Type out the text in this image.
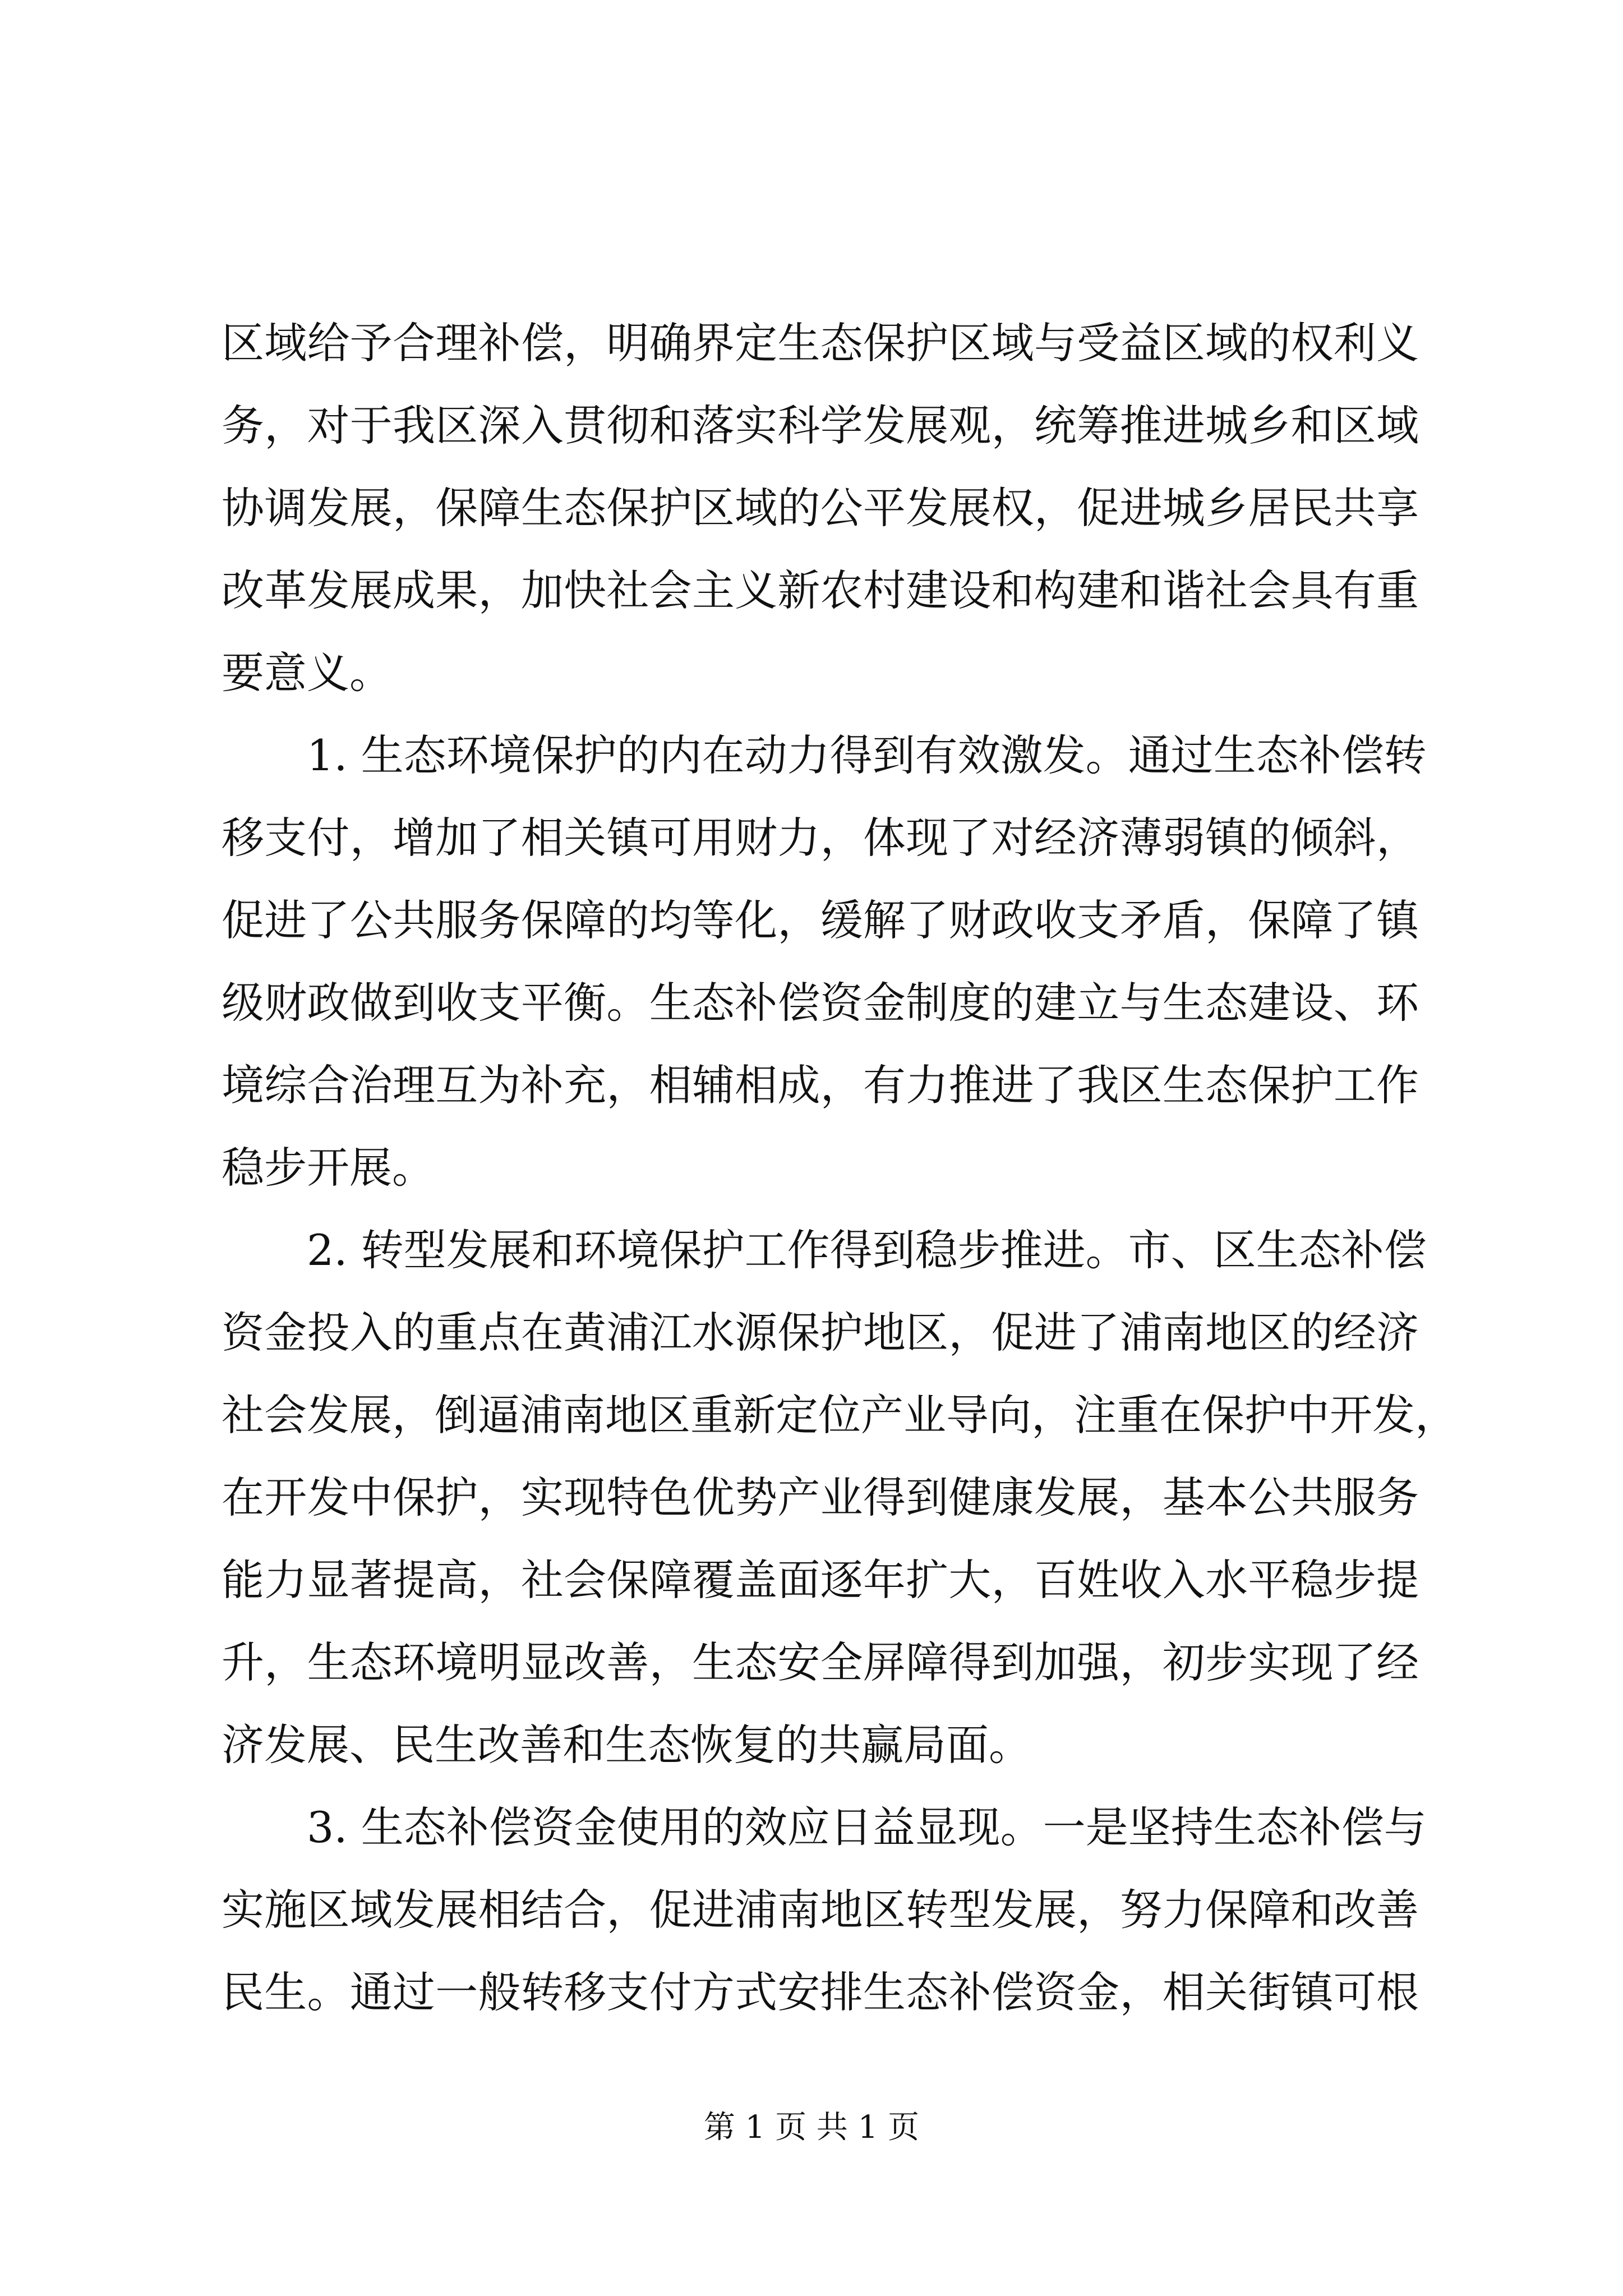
区域给予合理补偿，明确界定生态保护区域与受益区域的权利义
务，对于我区深入贯彻和落实科学发展观，统筹推进城乡和区域
协调发展，保障生态保护区域的公平发展权，促进城乡居民共享
改革发展成果，加快社会主义新农村建设和构建和谐社会具有重
要意义。
　　1. 生态环境保护的内在动力得到有效激发。通过生态补偿转
移支付，增加了相关镇可用财力，体现了对经济薄弱镇的倾斜，
促进了公共服务保障的均等化，缓解了财政收支矛盾，保障了镇
级财政做到收支平衡。生态补偿资金制度的建立与生态建设、环
境综合治理互为补充，相辅相成，有力推进了我区生态保护工作
稳步开展。
　　2. 转型发展和环境保护工作得到稳步推进。市、区生态补偿
资金投入的重点在黄浦江水源保护地区，促进了浦南地区的经济
社会发展，倒逼浦南地区重新定位产业导向，注重在保护中开发，
在开发中保护，实现特色优势产业得到健康发展，基本公共服务
能力显著提高，社会保障覆盖面逐年扩大，百姓收入水平稳步提
升，生态环境明显改善，生态安全屏障得到加强，初步实现了经
济发展、民生改善和生态恢复的共赢局面。
　　3. 生态补偿资金使用的效应日益显现。一是坚持生态补偿与
实施区域发展相结合，促进浦南地区转型发展，努力保障和改善
民生。通过一般转移支付方式安排生态补偿资金，相关街镇可根
第 1 页 共 1 页
